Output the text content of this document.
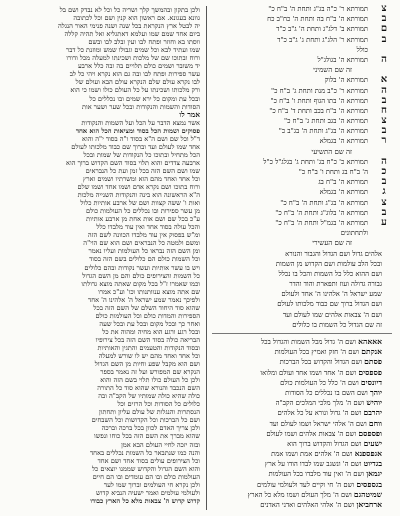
ולכן בתקון ובהמשך קלך ושריה כל וכל לא נבדק ושם בל
גוונא בעגונא. אם ראשון הוא קנין ושם וכל לכתובה
יה לבטל ארץ הנקראת בכל שנה ושנה פנימי האור הנגלה
ביום אחד שמם שמו ועלמא דאתגליא ואל תהיה קללה
ווסתו בא וחוזר ופתח לבו ועין ובלב לבו ובשם
שמו ועתיד לבא וכל שמים וגבולו שמש ומוזנת כל דבר
ורוח ובתוכו שם של מלכות ושכינתו למעלה מכל ודורו
יד משובר ושמים כולם תלויים בה ובה כלל ארבע
עשר ספירות ופתח לבו ובה גם הוא נקרא ויהי כל לב
לבו נקרא עולם שלם הנקרא עולם הבא ועולם של
ורק מלכותו ושכינתו על כל העולם כולו ושמו כי הוא
ובכל עת ומקום כל ירא שמים ובו נכללים כל
הסודות והשמות והנקודות ובכל שער ושער אות
אמר לו
אשר נמצא הדבר על הכל ועל השמות והנקודות
פסוקים ושמות הכל בסוד ומציאות הכל הוא אחד
ד"ל וכל שם ושם ה"א בסוד ו"ה בסוד י"ה והוא
אחד שמו לעולם ועד וברוך שם כבוד מלכותו לעולם
הכל מתחיל ובתוכו כל הנקודות של שמות ובכל
ארבעה צדדים והוא תלוי בסוד השם הקדוש ברוך הוא
שמו ושם השם הזה בכל זמן ועת כל הנבראים
וכל אחד ואחד מהם הוא ומשרתיו ושמים וארץ
ורוח בתוכו ושם נקרא אדם ושמו אחד ושמו שלם
ה"א הראשונה הוא בינה והנקודות השנייה מלכות
ואות ו' ששה קצוות ושם של ארבע אותיות כלול
מן עשר ספירות ובו נכללים כל העולמות כולם
ע"כ בכל שם ושם אות אחת מן ארבע אותיות
והכל עולה בסוד אחד ואין עוד מלבדו כלל
ומ"ש בפסוק אין עוד מלבדו הכוונה לשם הזה
ומשם ולמטה כל הנבראים ושם הוא שם הוי"ה
ומן השם הזה נבראו כל העולמות ועליו נאמר
וכל השמות כולם הם כלולים בשם הזה בסוד
ויש בו עשר אותיות ועשר נקודות ובהם כלולים
כל השמות והצירופים כולם והם מן השם הגדול
וכמו שאמרו ז"ל בכל מקום שאתה מוצא גדולתו
שם אתה מוצא ענוותנותו וכו' וע"כ אמרו
ולפיכך נאמר שמע ישראל ה' אלהינו ה' אחד
שהוא סוד היחוד השלם של השם הזה בכל
הספירות והמדות כולם וכל העולמות כולם
ואחר כך ובכל מקום ובכל עת ובכל שעה
ובכל רגע ורגע הוא מחיה ומהוה את כל
הבריאה כולה בסוד השם הזה בכל צירופיו
ובסוד הנקודות והטעמים והתגין והאותיות
וכל אחד ואחד מהם יש לו שורש למעלה
ושם הוא מקבל שפע וחיות מן השם הגדול
הנקרא שם המפורש ועל זה נאמר בספר
ולכן כל העולם כולו תלוי בשם הזה והוא
השם הנכבד והנורא שהוא סוד כל התורה
כולה שהיא כולה שמותיו של הקב"ה ובה
כלולים כל הסודות וכל הרזים וכל
הנסתרות והנגלות של עולם עליון ותחתון
ושם כל הברכות וכל הקדושות וכל השבחים
ולכן צריך האדם לכוון בכל ברכה וברכה
שהוא מברך את השם הזה בכל כוחו ונפשו
ובזה יזכה לחיי העולם הבא אמן
והנה כמו שנתבאר כל השמות נכללים באחד
וכל הצירופים עולים בסוד אחד ושם אחד
והוא השם הגדול והקדוש שממנו יוצאים כל
העולמות כולם ובו הם עומדים ובו הם חיים
ולכן נקרא חי העולמים וברוך שמו לעד
ולעולמי עולמים ואמר ישעיה הנביא קדוש
קדוש קדוש ה' צבאות מלא כל הארץ כבודו
צ
תמורתא ר' כ"ה בג"ג ותחת ה' ב"ח כ"
ב
תמורתא ה' ב"ח בה ותחת ה' כח"ב כח
ם
תמורתא ב' דלג"ג ותחת ה' ג"ב כ"ד
ב
תמורתא ר' הלג"ג ותחת ג' ג"ב כ"ד
כולל
ה
תמורתא ה' בגולג"ל
זה שם השמיני
א
תמורתא ה' בלוק
ה
תמורתא ר' כ"ב מנת ותחת ג' ב"ח כ"
ב
תמורתא ה' בתו הגוף ותחת ו' ב"ח כ"
ח
תמורתא ה' ב"ח בכב ותחת ד' ב"ח כ"
צ
תמורתא ה' בגב ותחת ג' ב"ח כ"
ב
תמורתא ה' בג"ג ותחת ה' בג"ב כ"
ר
תמורתא ה' בגמלא
זה שם התשיעי
ה
תמורתא כ' כ"ח בג' ותחת ג' בגלג"ל כ"ל
כ
ה' ב"ח בג ותחת ו' ב"ח כ"
ב
תמורתא ה' ב"ח בג
ג
תמורתא ה' בגמלא
צ
תמורתא ה' בג"ג ותחת ה' ב"ח כ"
ב
תמורתא ה' בלוג"ג ותחת ה' ב"ח כ"
ע
תמורתא ה' בגמ"ל ותחת ה' ב"ח כ"
ולתחתונים
זה שם העשירי
אלהים גדול ושם הגדול והגבור והנורא
ובכל הלב עולמות ושם הקדוש מן השמות
ושם ההוא כלל כל השמות והכל בו נכלל
גבורה גדולה ועוז ותפארת והוד והדר
שמע ישראל ה' אלהינו ה' אחד ולעולם
ושם הגדול ברוך שם כבוד מלכותו לעולם
ושם ה' צבאות אלהים שמו לעולם ועד
זה שם הגדול כל השמות בו כלולים
אאאהא ושם ה' גדול מכל השמות והגדול בכל
אנקתם ושם ה' חזק ואמיץ בכל העולמות
פסתם ושם הגדול והקדוש בכל הברכות
פספסים ושם ה' אחד ושמו אחד ועולם ומלואו
דיונסים ושם ה' כלל כל העולמות כולם
יוהך ושם השם בו נכללים כל הסודות
יוהיש ושם ה' מלך מלכי המלכים הקב"ה
יהרבם ושם ה' גדול ונורא על כל אלהים
ווחם ושם ה' אלהי ישראל ושמו לעולם ועד
ופספסם ושם ה' צבאות אלהים ושמו לעולם
ישעים ושם הגדול והקדוש ברוך הוא
אגפספנא ושם ה' אלהים אמת ושמו אמת
בגדיוט ושם ה' ונשגב שמו לבדו הודו על ארץ
יגמאן ושם ה' ואין עוד מלבדו בכל העולמות
בגספסים ושם ה' חי וקיים לעד ולעולמי עולמים
שמיטהגם ושם ה' מלך העולם ושמו מלא כל הארץ
ארחביאן ושם ה' אלהי האלהים ואדני האדנים
